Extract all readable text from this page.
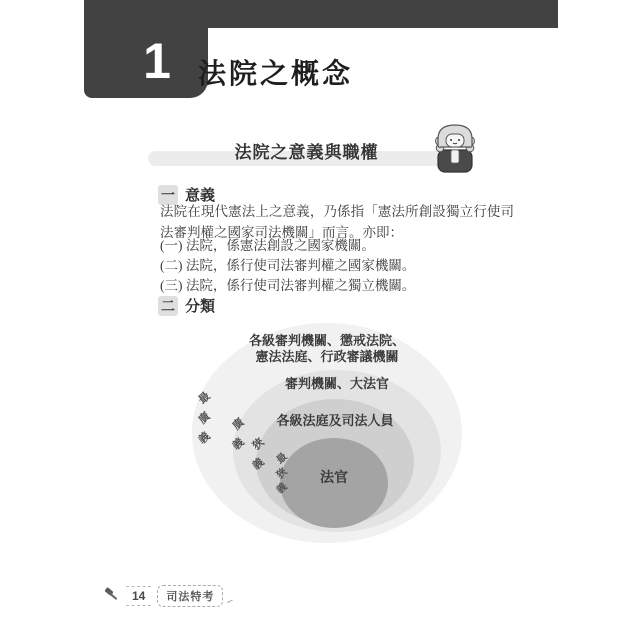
1 法院之概念
法院之意義與職權
一 意義
法院在現代憲法上之意義，乃係指「憲法所創設獨立行使司法審判權之國家司法機關」而言。亦即：
(一) 法院，係憲法創設之國家機關。
(二) 法院，係行使司法審判權之國家機關。
(三) 法院，係行使司法審判權之獨立機關。
二 分類
各級審判機關、懲戒法院、
憲法法庭、行政審議機關
審判機關、大法官
各級法庭及司法人員
法官
最
廣
義
廣
義 狹
義 最
狹
義
14	司法特考
